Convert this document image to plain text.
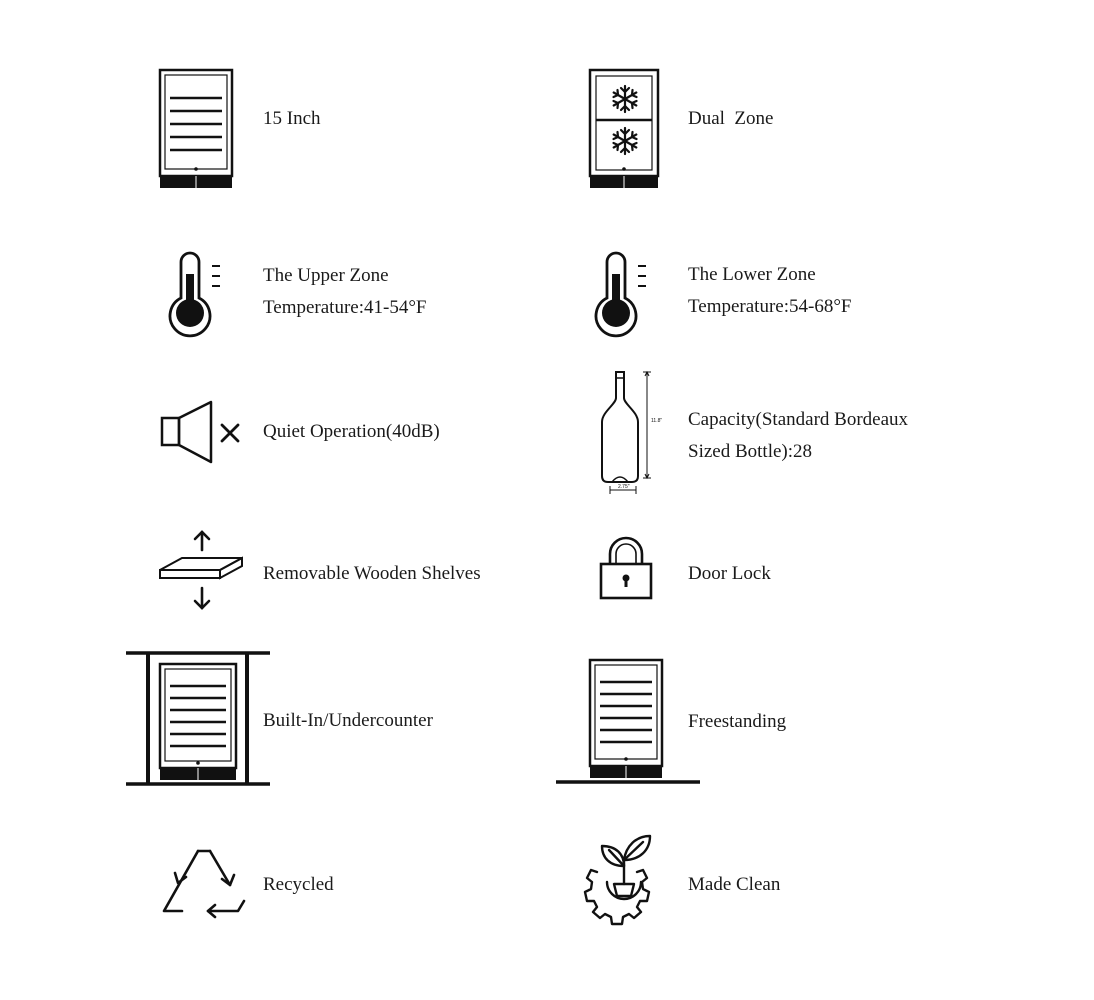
15 Inch	Dual  Zone
The Upper Zone
Temperature:41-54°F
The Lower Zone
Temperature:54-68°F
Quiet Operation(40dB)	11.8"
2.75"
Capacity(Standard Bordeaux
Sized Bottle):28
Removable Wooden Shelves	Door Lock
Built-In/Undercounter	Freestanding
Recycled	Made Clean
